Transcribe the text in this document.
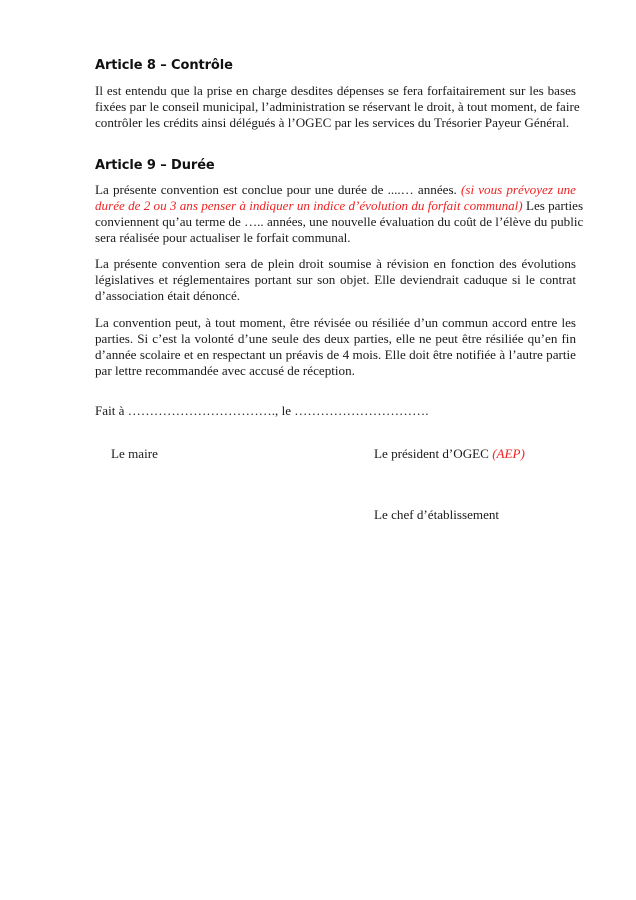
Article 8 – Contrôle
Il est entendu que la prise en charge desdites dépenses se fera forfaitairement sur les bases
fixées par le conseil municipal, l’administration se réservant le droit, à tout moment, de faire
contrôler les crédits ainsi délégués à l’OGEC par les services du Trésorier Payeur Général.
Article 9 – Durée
La présente convention est conclue pour une durée de ....… années. (si vous prévoyez une
durée de 2 ou 3 ans penser à indiquer un indice d’évolution du forfait communal) Les parties
conviennent qu’au terme de ….. années, une nouvelle évaluation du coût de l’élève du public
sera réalisée pour actualiser le forfait communal.
La présente convention sera de plein droit soumise à révision en fonction des évolutions
législatives et réglementaires portant sur son objet. Elle deviendrait caduque si le contrat
d’association était dénoncé.
La convention peut, à tout moment, être révisée ou résiliée d’un commun accord entre les
parties. Si c’est la volonté d’une seule des deux parties, elle ne peut être résiliée qu’en fin
d’année scolaire et en respectant un préavis de 4 mois. Elle doit être notifiée à l’autre partie
par lettre recommandée avec accusé de réception.
Fait à ……………………………., le ………………………….
Le maire	Le président d’OGEC (AEP)
Le chef d’établissement
